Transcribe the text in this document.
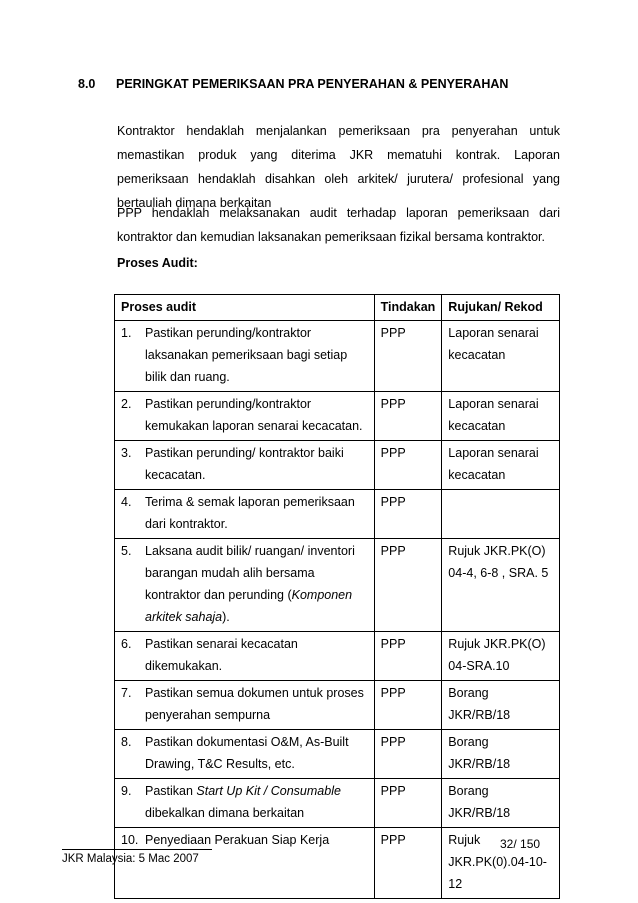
8.0 PERINGKAT PEMERIKSAAN PRA PENYERAHAN & PENYERAHAN
Kontraktor hendaklah menjalankan pemeriksaan pra penyerahan untuk memastikan produk yang diterima JKR mematuhi kontrak. Laporan pemeriksaan hendaklah disahkan oleh arkitek/ jurutera/ profesional yang bertauliah dimana berkaitan
PPP hendaklah melaksanakan audit terhadap laporan pemeriksaan dari kontraktor dan kemudian laksanakan pemeriksaan fizikal bersama kontraktor.
Proses Audit:
Proses audit	Tindakan	Rujukan/ Rekod

1. Pastikan perunding/kontraktor laksanakan pemeriksaan bagi setiap bilik dan ruang.	PPP	Laporan senarai kecacatan

2. Pastikan perunding/kontraktor kemukakan laporan senarai kecacatan.	PPP	Laporan senarai kecacatan

3. Pastikan perunding/ kontraktor baiki kecacatan.	PPP	Laporan senarai kecacatan

4. Terima & semak laporan pemeriksaan dari kontraktor.	PPP	

5. Laksana audit bilik/ ruangan/ inventori barangan mudah alih bersama kontraktor dan perunding (Komponen arkitek sahaja).	PPP	Rujuk JKR.PK(O) 04-4, 6-8 , SRA. 5

6. Pastikan senarai kecacatan dikemukakan.	PPP	Rujuk JKR.PK(O) 04-SRA.10

7. Pastikan semua dokumen untuk proses penyerahan sempurna	PPP	Borang JKR/RB/18

8. Pastikan dokumentasi O&M, As-Built Drawing, T&C Results, etc.	PPP	Borang JKR/RB/18

9. Pastikan Start Up Kit / Consumable dibekalkan dimana berkaitan	PPP	Borang JKR/RB/18

10. Penyediaan Perakuan Siap Kerja	PPP	Rujuk JKR.PK(0).04-10-12
32/ 150
JKR Malaysia: 5 Mac 2007
